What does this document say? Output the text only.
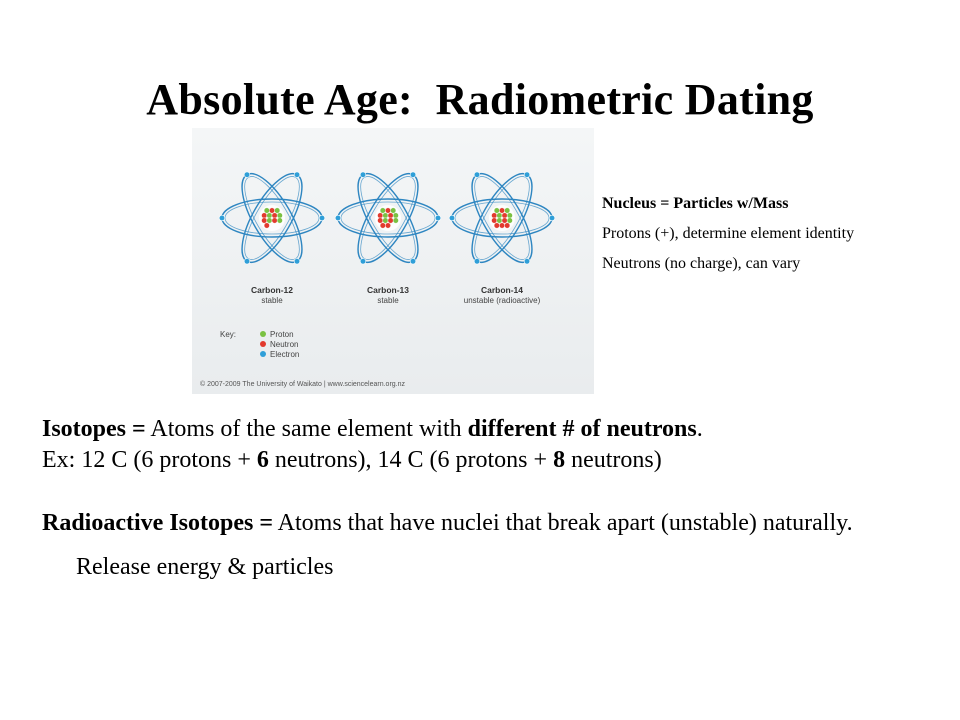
Absolute Age:  Radiometric Dating
Carbon-12
stable
Carbon-13
stable
Carbon-14
unstable (radioactive)
Key:	Proton
Neutron
Electron
© 2007-2009 The University of Waikato | www.sciencelearn.org.nz

Nucleus = Particles w/Mass

Protons (+), determine element identity

Neutrons (no charge), can vary

Isotopes = Atoms of the same element with different # of neutrons.

Ex: 12 C (6 protons + 6 neutrons), 14 C (6 protons + 8 neutrons)

Radioactive Isotopes = Atoms that have nuclei that break apart (unstable) naturally.

Release energy & particles
